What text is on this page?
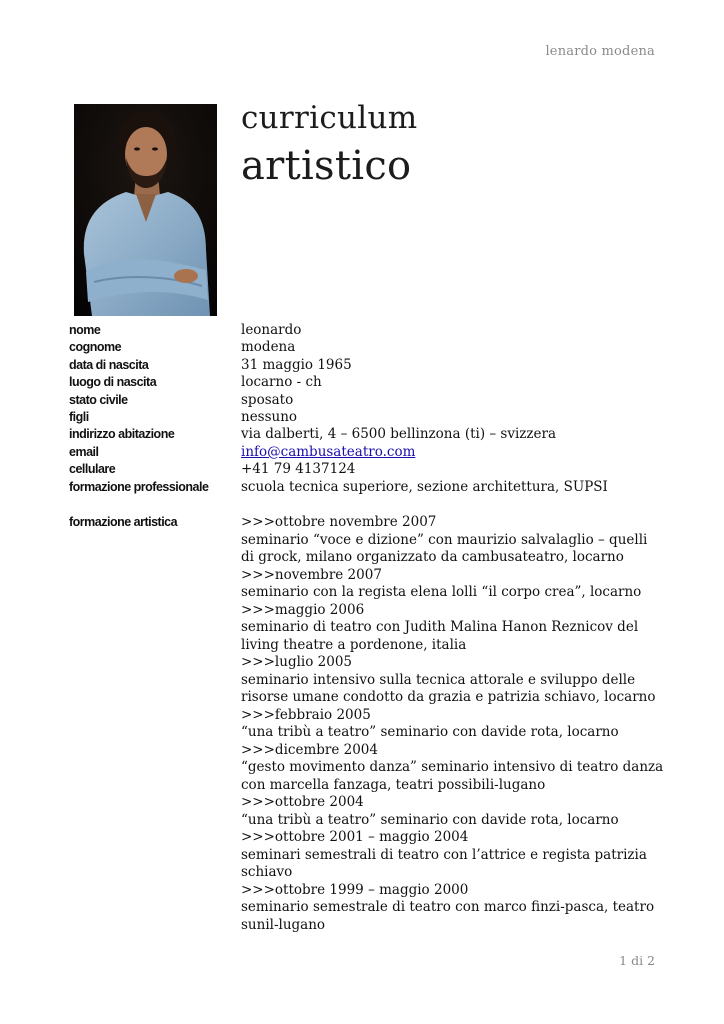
lenardo modena
curriculum
artistico
nome	leonardo
cognome	modena
data di nascita	31 maggio 1965
luogo di nascita	locarno - ch
stato civile	sposato
figli	nessuno
indirizzo abitazione	via dalberti, 4 – 6500 bellinzona (ti) – svizzera
email	info@cambusateatro.com
cellulare	+41 79 4137124
formazione professionale	scuola tecnica superiore, sezione architettura, SUPSI
formazione artistica	>>>ottobre novembre 2007
seminario “voce e dizione” con maurizio salvalaglio – quelli
di grock, milano organizzato da cambusateatro, locarno
>>>novembre 2007
seminario con la regista elena lolli “il corpo crea”, locarno
>>>maggio 2006
seminario di teatro con Judith Malina Hanon Reznicov del
living theatre a pordenone, italia
>>>luglio 2005
seminario intensivo sulla tecnica attorale e sviluppo delle
risorse umane condotto da grazia e patrizia schiavo, locarno
>>>febbraio 2005
“una tribù a teatro” seminario con davide rota, locarno
>>>dicembre 2004
“gesto movimento danza” seminario intensivo di teatro danza
con marcella fanzaga, teatri possibili-lugano
>>>ottobre 2004
“una tribù a teatro” seminario con davide rota, locarno
>>>ottobre 2001 – maggio 2004
seminari semestrali di teatro con l’attrice e regista patrizia
schiavo
>>>ottobre 1999 – maggio 2000
seminario semestrale di teatro con marco finzi-pasca, teatro
sunil-lugano
1 di 2
